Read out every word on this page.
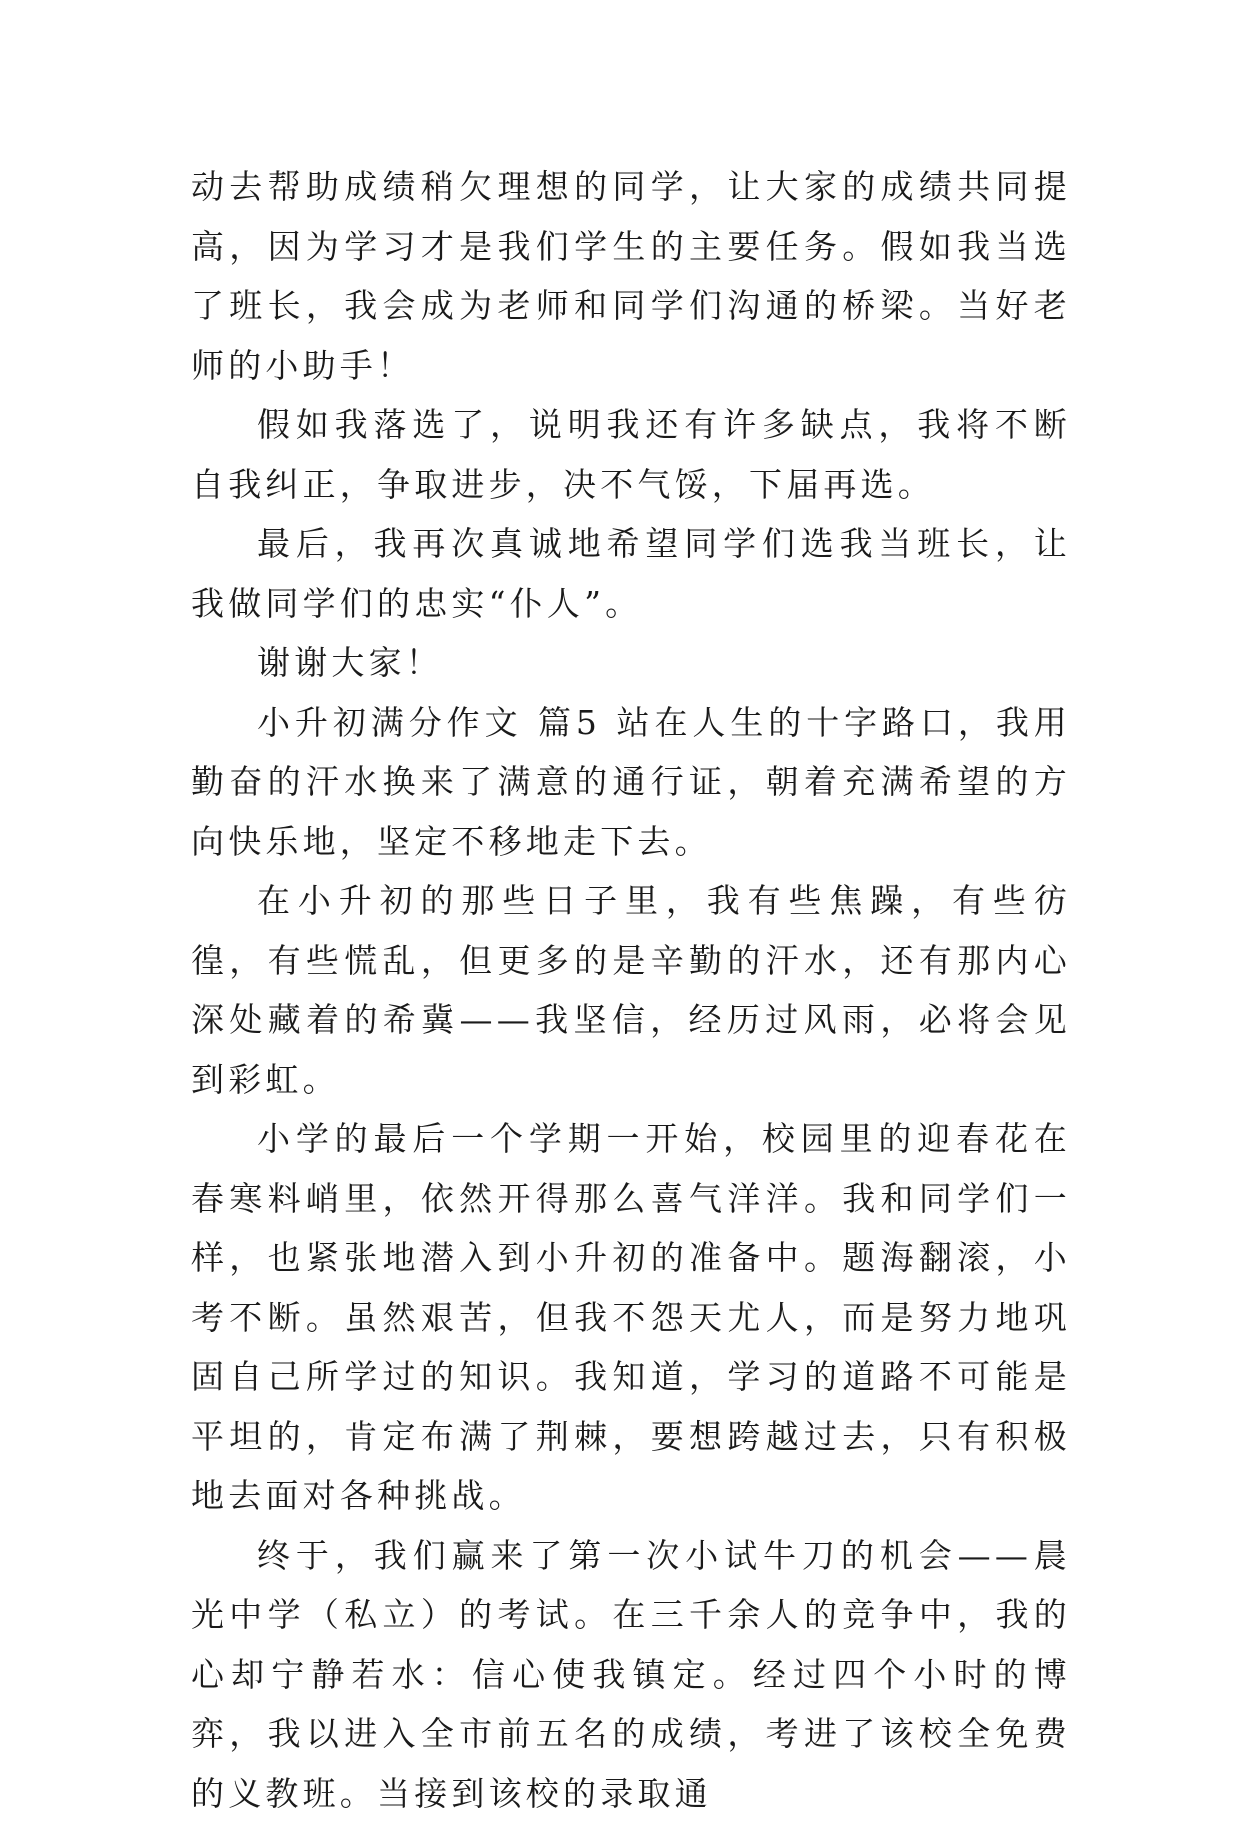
动去帮助成绩稍欠理想的同学，让大家的成绩共同提高，因为学习才是我们学生的主要任务。假如我当选了班长，我会成为老师和同学们沟通的桥梁。当好老师的小助手！

假如我落选了，说明我还有许多缺点，我将不断自我纠正，争取进步，决不气馁，下届再选。

最后，我再次真诚地希望同学们选我当班长，让我做同学们的忠实“仆人”。

谢谢大家！

小升初满分作文 篇5 站在人生的十字路口，我用勤奋的汗水换来了满意的通行证，朝着充满希望的方向快乐地，坚定不移地走下去。

在小升初的那些日子里，我有些焦躁，有些彷徨，有些慌乱，但更多的是辛勤的汗水，还有那内心深处藏着的希冀——我坚信，经历过风雨，必将会见到彩虹。

小学的最后一个学期一开始，校园里的迎春花在春寒料峭里，依然开得那么喜气洋洋。我和同学们一样，也紧张地潜入到小升初的准备中。题海翻滚，小考不断。虽然艰苦，但我不怨天尤人，而是努力地巩固自己所学过的知识。我知道，学习的道路不可能是平坦的，肯定布满了荆棘，要想跨越过去，只有积极地去面对各种挑战。

终于，我们赢来了第一次小试牛刀的机会——晨光中学（私立）的考试。在三千余人的竞争中，我的心却宁静若水：信心使我镇定。经过四个小时的博弈，我以进入全市前五名的成绩，考进了该校全免费的义教班。当接到该校的录取通
